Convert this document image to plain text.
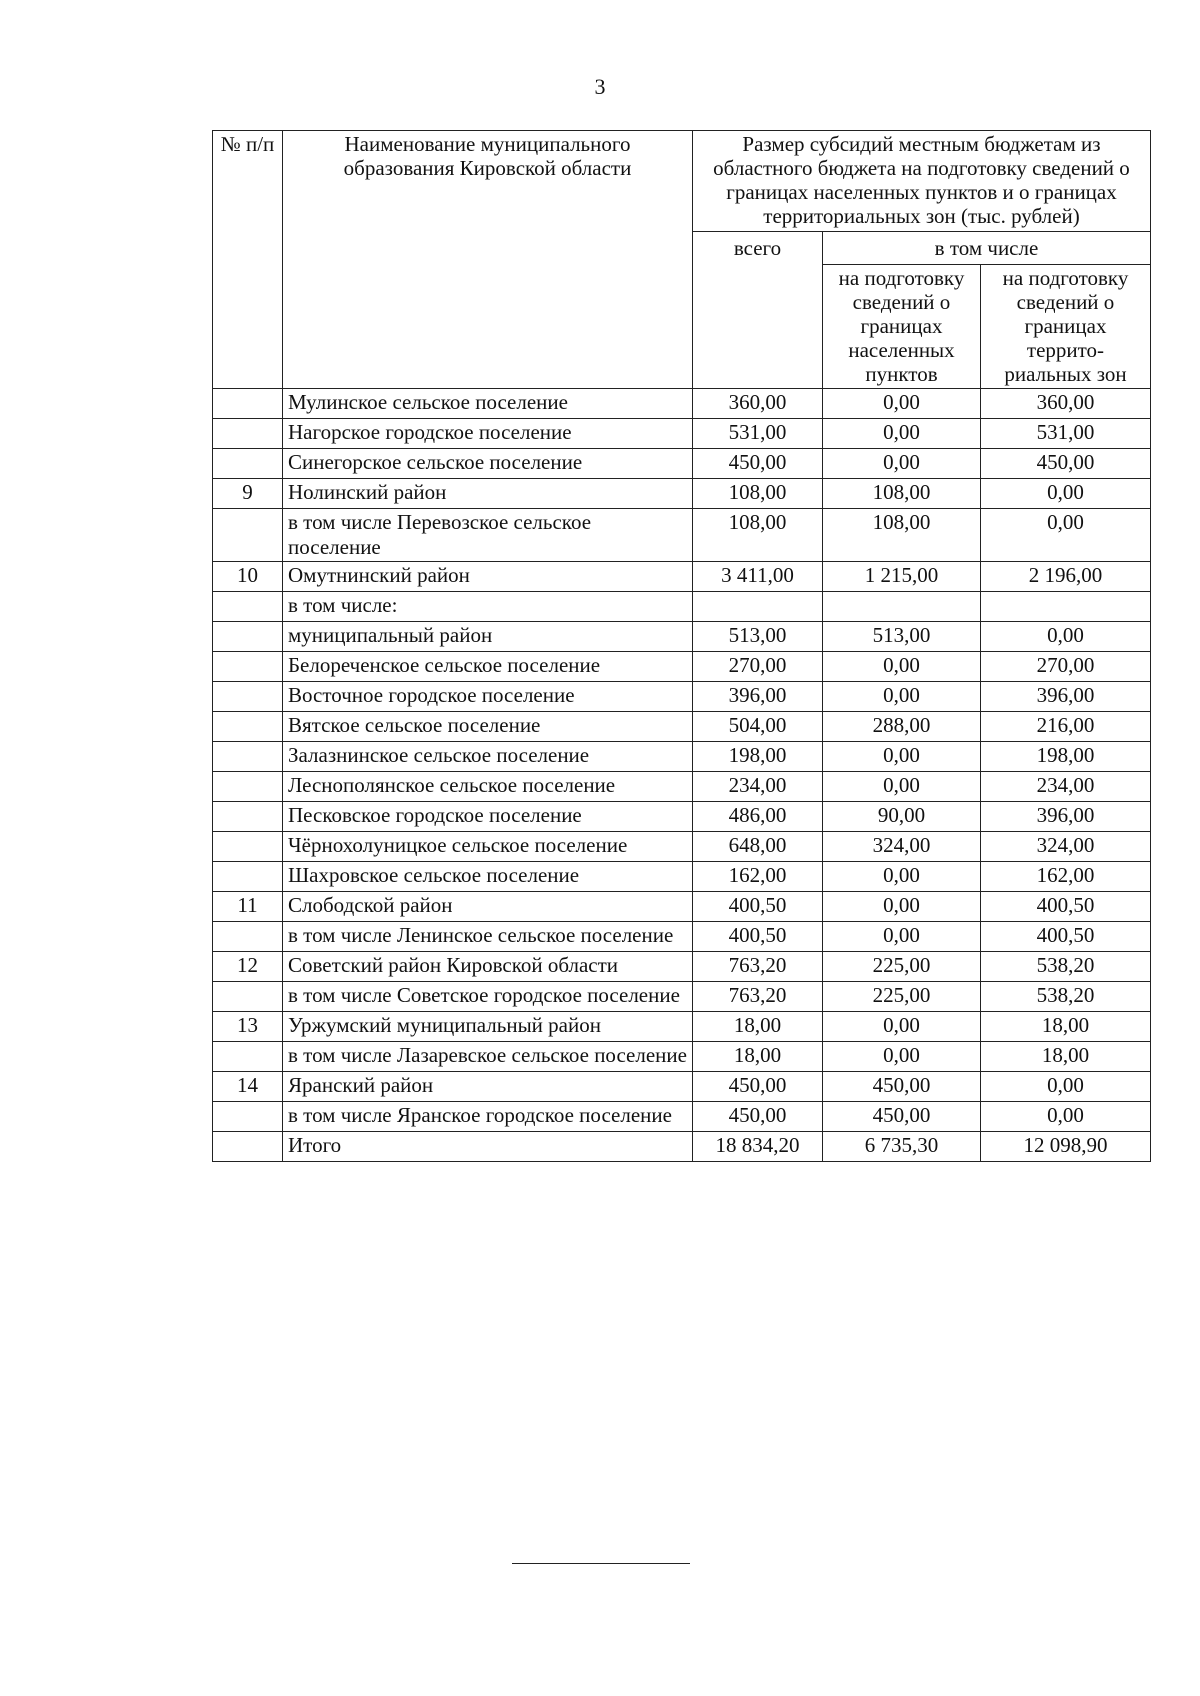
3
№ п/п	Наименование муниципального образования Кировской области	Размер субсидий местным бюджетам из областного бюджета на подготовку сведений о границах населенных пунктов и о границах территориальных зон (тыс. рублей)		
		всего	в том числе	
			на подготовку сведений о границах населенных пунктов	на подготовку сведений о границах террито-риальных зон
	Мулинское сельское поселение	360,00	0,00	360,00
	Нагорское городское поселение	531,00	0,00	531,00
	Синегорское сельское поселение	450,00	0,00	450,00
9	Нолинский район	108,00	108,00	0,00
	в том числе Перевозское сельское поселение	108,00	108,00	0,00
10	Омутнинский район	3 411,00	1 215,00	2 196,00
	в том числе:			
	муниципальный район	513,00	513,00	0,00
	Белореченское сельское поселение	270,00	0,00	270,00
	Восточное городское поселение	396,00	0,00	396,00
	Вятское сельское поселение	504,00	288,00	216,00
	Залазнинское сельское поселение	198,00	0,00	198,00
	Леснополянское сельское поселение	234,00	0,00	234,00
	Песковское городское поселение	486,00	90,00	396,00
	Чёрнохолуницкое сельское поселение	648,00	324,00	324,00
	Шахровское сельское поселение	162,00	0,00	162,00
11	Слободской район	400,50	0,00	400,50
	в том числе Ленинское сельское поселение	400,50	0,00	400,50
12	Советский район Кировской области	763,20	225,00	538,20
	в том числе Советское городское поселение	763,20	225,00	538,20
13	Уржумский муниципальный район	18,00	0,00	18,00
	в том числе Лазаревское сельское поселение	18,00	0,00	18,00
14	Яранский район	450,00	450,00	0,00
	в том числе Яранское городское поселение	450,00	450,00	0,00
	Итого	18 834,20	6 735,30	12 098,90
